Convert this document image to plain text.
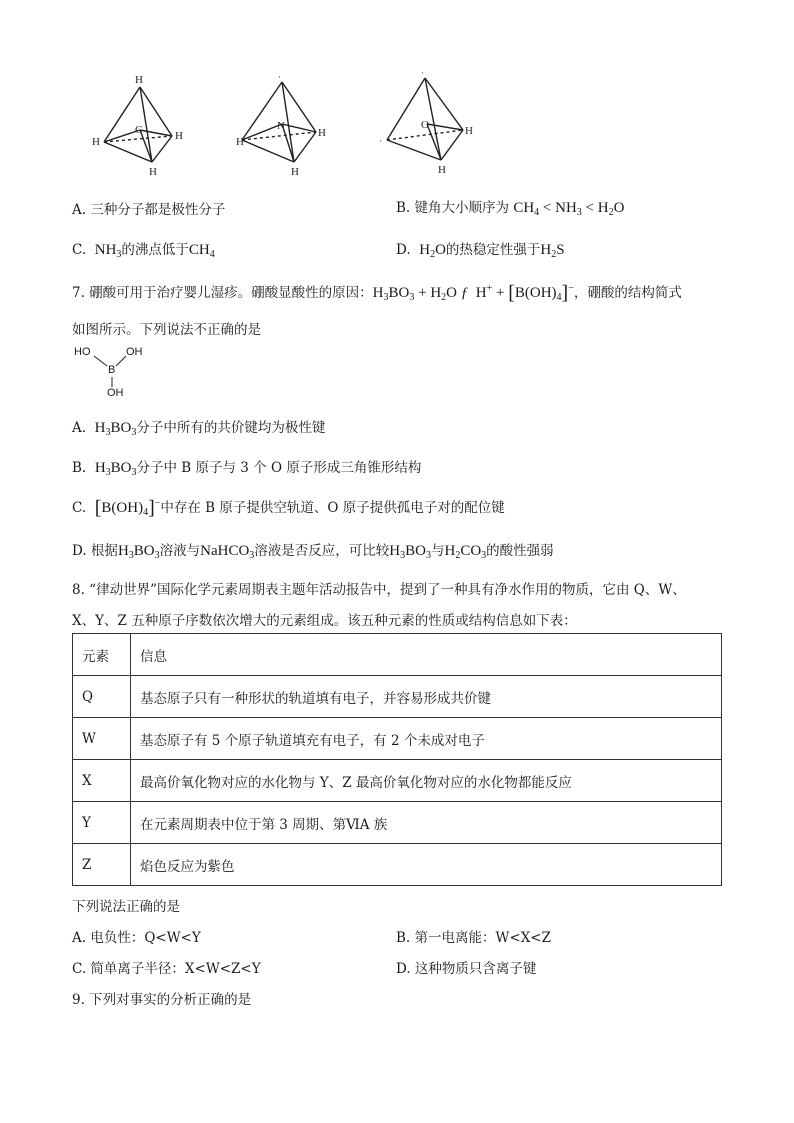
H
H	H
H
C
·
H
H
H
N
·
·
H
H
O
A. 三种分子都是极性分子	B. 键角大小顺序为 $CH_4 < NH_3 < H_2O$
C. $NH_3$的沸点低于$CH_4$	D. $H_2O$的热稳定性强于$H_2S$
7. 硼酸可用于治疗婴儿湿疹。硼酸显酸性的原因：$H_3BO_3 + H_2O$ ƒ  $H^+ + [B(OH)_4]^-$，硼酸的结构简式
如图所示。下列说法不正确的是
HO	OH
B
OH
A. $H_3BO_3$分子中所有的共价键均为极性键
B. $H_3BO_3$分子中 B 原子与 3 个 O 原子形成三角锥形结构
C. $[B(OH)_4]^-$中存在 B 原子提供空轨道、O 原子提供孤电子对的配位键
D. 根据$H_3BO_3$溶液与NaHCO$_3$溶液是否反应，可比较$H_3BO_3$与$H_2CO_3$的酸性强弱
8. “律动世界”国际化学元素周期表主题年活动报告中，提到了一种具有净水作用的物质，它由 Q、W、
X、Y、Z 五种原子序数依次增大的元素组成。该五种元素的性质或结构信息如下表：
元素	信息
Q	基态原子只有一种形状的轨道填有电子，并容易形成共价键
W	基态原子有 5 个原子轨道填充有电子，有 2 个未成对电子
X	最高价氧化物对应的水化物与 Y、Z 最高价氧化物对应的水化物都能反应
Y	在元素周期表中位于第 3 周期、第ⅥA 族
Z	焰色反应为紫色
下列说法正确的是
A. 电负性：Q<W<Y	B. 第一电离能：W<X<Z
C. 简单离子半径：X<W<Z<Y	D. 这种物质只含离子键
9. 下列对事实的分析正确的是
